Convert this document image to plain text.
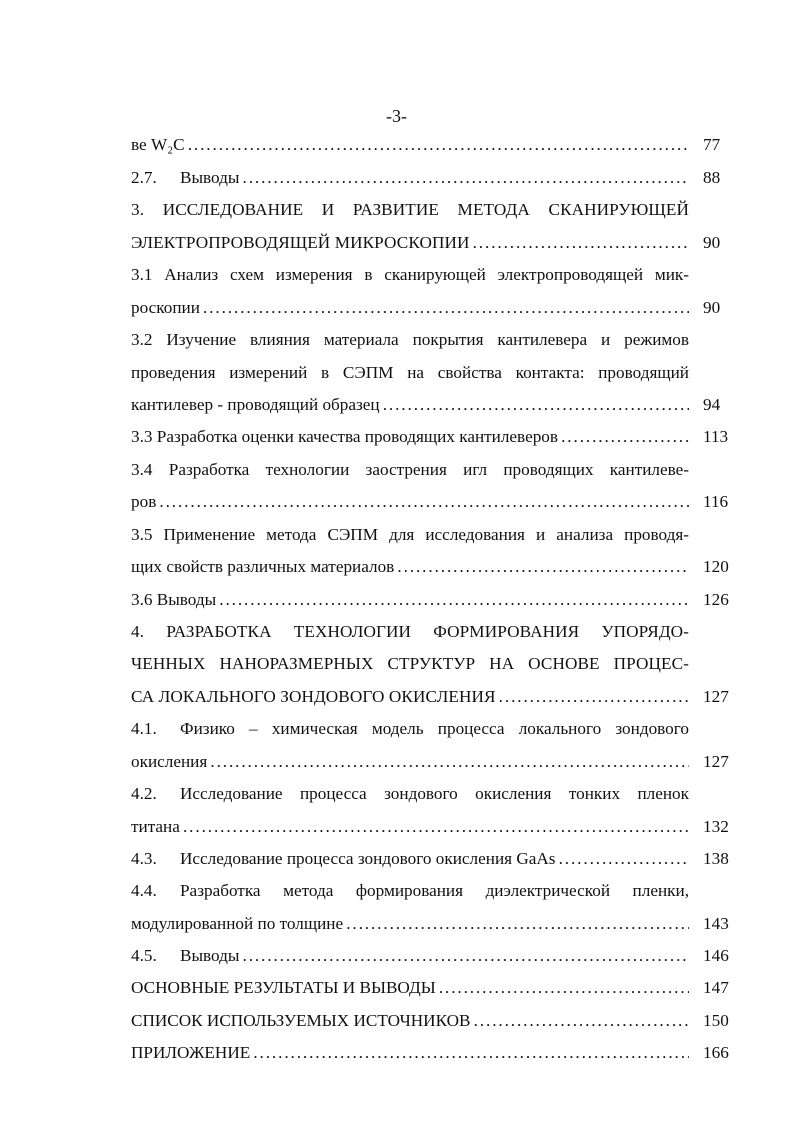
-3-
ве W₂C . . .	77
2.7. Выводы . . .	88
3. ИССЛЕДОВАНИЕ И РАЗВИТИЕ МЕТОДА СКАНИРУЮЩЕЙ
ЭЛЕКТРОПРОВОДЯЩЕЙ МИКРОСКОПИИ . . .	90
3.1 Анализ схем измерения в сканирующей электропроводящей мик-
роскопии . . .	90
3.2 Изучение влияния материала покрытия кантилевера и режимов
проведения измерений в СЭПМ на свойства контакта: проводящий
кантилевер - проводящий образец . . .	94
3.3 Разработка оценки качества проводящих кантилеверов . . .	113
3.4 Разработка технологии заострения игл проводящих кантилеве-
ров . . .	116
3.5 Применение метода СЭПМ для исследования и анализа проводя-
щих свойств различных материалов . . .	120
3.6 Выводы . . .	126
4. РАЗРАБОТКА ТЕХНОЛОГИИ ФОРМИРОВАНИЯ УПОРЯДО-
ЧЕННЫХ НАНОРАЗМЕРНЫХ СТРУКТУР НА ОСНОВЕ ПРОЦЕС-
СА ЛОКАЛЬНОГО ЗОНДОВОГО ОКИСЛЕНИЯ . . .	127
4.1. Физико – химическая модель процесса локального зондового
окисления . . .	127
4.2. Исследование процесса зондового окисления тонких пленок
титана . . .	132
4.3. Исследование процесса зондового окисления GaAs . . .	138
4.4. Разработка метода формирования диэлектрической пленки,
модулированной по толщине . . .	143
4.5. Выводы . . .	146
ОСНОВНЫЕ РЕЗУЛЬТАТЫ И ВЫВОДЫ . . .	147
СПИСОК ИСПОЛЬЗУЕМЫХ ИСТОЧНИКОВ . . .	150
ПРИЛОЖЕНИЕ . . .	166
